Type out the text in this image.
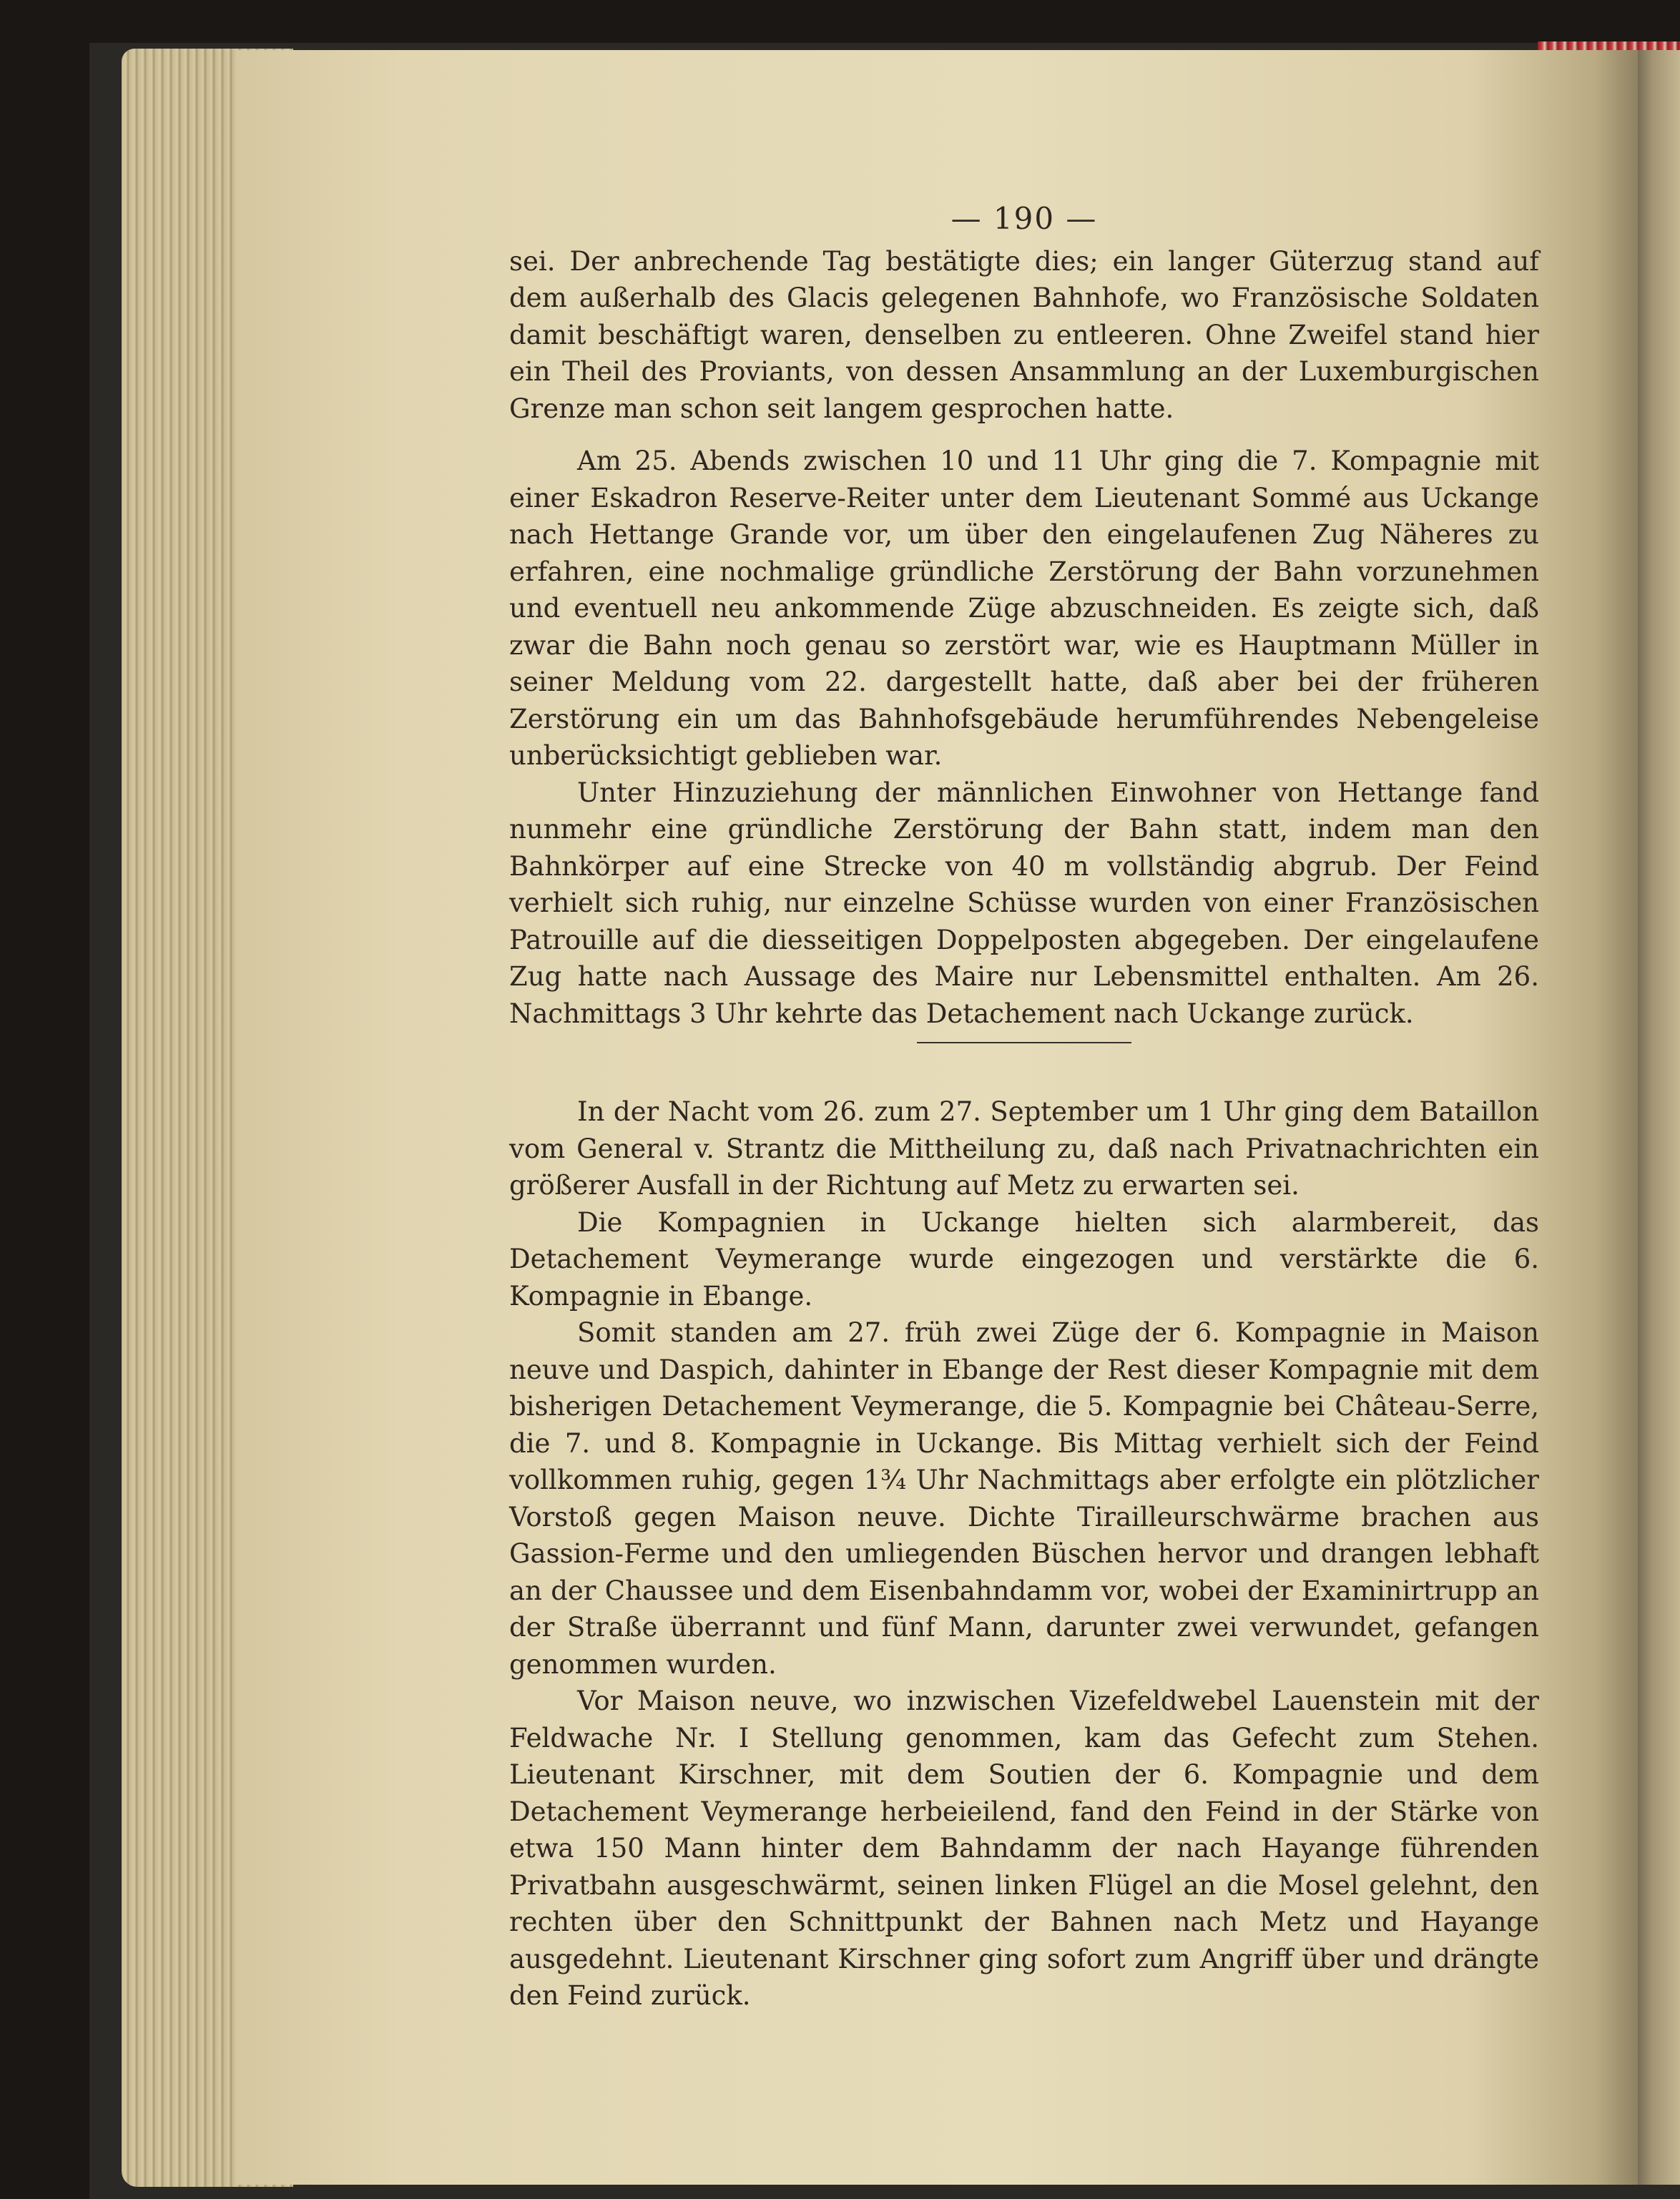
— 190 —

sei. Der anbrechende Tag bestätigte dies; ein langer Güterzug stand auf dem außerhalb des Glacis gelegenen Bahnhofe, wo Französische Soldaten damit beschäftigt waren, denselben zu entleeren. Ohne Zweifel stand hier ein Theil des Proviants, von dessen Ansammlung an der Luxemburgischen Grenze man schon seit langem gesprochen hatte.

Am 25. Abends zwischen 10 und 11 Uhr ging die 7. Kompagnie mit einer Eskadron Reserve-Reiter unter dem Lieutenant Sommé aus Uckange nach Hettange Grande vor, um über den eingelaufenen Zug Näheres zu erfahren, eine nochmalige gründliche Zerstörung der Bahn vorzunehmen und eventuell neu ankommende Züge abzuschneiden. Es zeigte sich, daß zwar die Bahn noch genau so zerstört war, wie es Hauptmann Müller in seiner Meldung vom 22. dargestellt hatte, daß aber bei der früheren Zerstörung ein um das Bahnhofsgebäude herumführendes Nebengeleise unberücksichtigt geblieben war.

Unter Hinzuziehung der männlichen Einwohner von Hettange fand nunmehr eine gründliche Zerstörung der Bahn statt, indem man den Bahnkörper auf eine Strecke von 40 m vollständig abgrub. Der Feind verhielt sich ruhig, nur einzelne Schüsse wurden von einer Französischen Patrouille auf die diesseitigen Doppelposten abgegeben. Der eingelaufene Zug hatte nach Aussage des Maire nur Lebensmittel enthalten. Am 26. Nachmittags 3 Uhr kehrte das Detachement nach Uckange zurück.

In der Nacht vom 26. zum 27. September um 1 Uhr ging dem Bataillon vom General v. Strantz die Mittheilung zu, daß nach Privatnachrichten ein größerer Ausfall in der Richtung auf Metz zu erwarten sei.

Die Kompagnien in Uckange hielten sich alarmbereit, das Detachement Veymerange wurde eingezogen und verstärkte die 6. Kompagnie in Ebange.

Somit standen am 27. früh zwei Züge der 6. Kompagnie in Maison neuve und Daspich, dahinter in Ebange der Rest dieser Kompagnie mit dem bisherigen Detachement Veymerange, die 5. Kompagnie bei Château-Serre, die 7. und 8. Kompagnie in Uckange. Bis Mittag verhielt sich der Feind vollkommen ruhig, gegen 1¾ Uhr Nachmittags aber erfolgte ein plötzlicher Vorstoß gegen Maison neuve. Dichte Tirailleurschwärme brachen aus Gassion-Ferme und den umliegenden Büschen hervor und drangen lebhaft an der Chaussee und dem Eisenbahndamm vor, wobei der Examinirtrupp an der Straße überrannt und fünf Mann, darunter zwei verwundet, gefangen genommen wurden.

Vor Maison neuve, wo inzwischen Vizefeldwebel Lauenstein mit der Feldwache Nr. I Stellung genommen, kam das Gefecht zum Stehen. Lieutenant Kirschner, mit dem Soutien der 6. Kompagnie und dem Detachement Veymerange herbeieilend, fand den Feind in der Stärke von etwa 150 Mann hinter dem Bahndamm der nach Hayange führenden Privatbahn ausgeschwärmt, seinen linken Flügel an die Mosel gelehnt, den rechten über den Schnittpunkt der Bahnen nach Metz und Hayange ausgedehnt. Lieutenant Kirschner ging sofort zum Angriff über und drängte den Feind zurück.
